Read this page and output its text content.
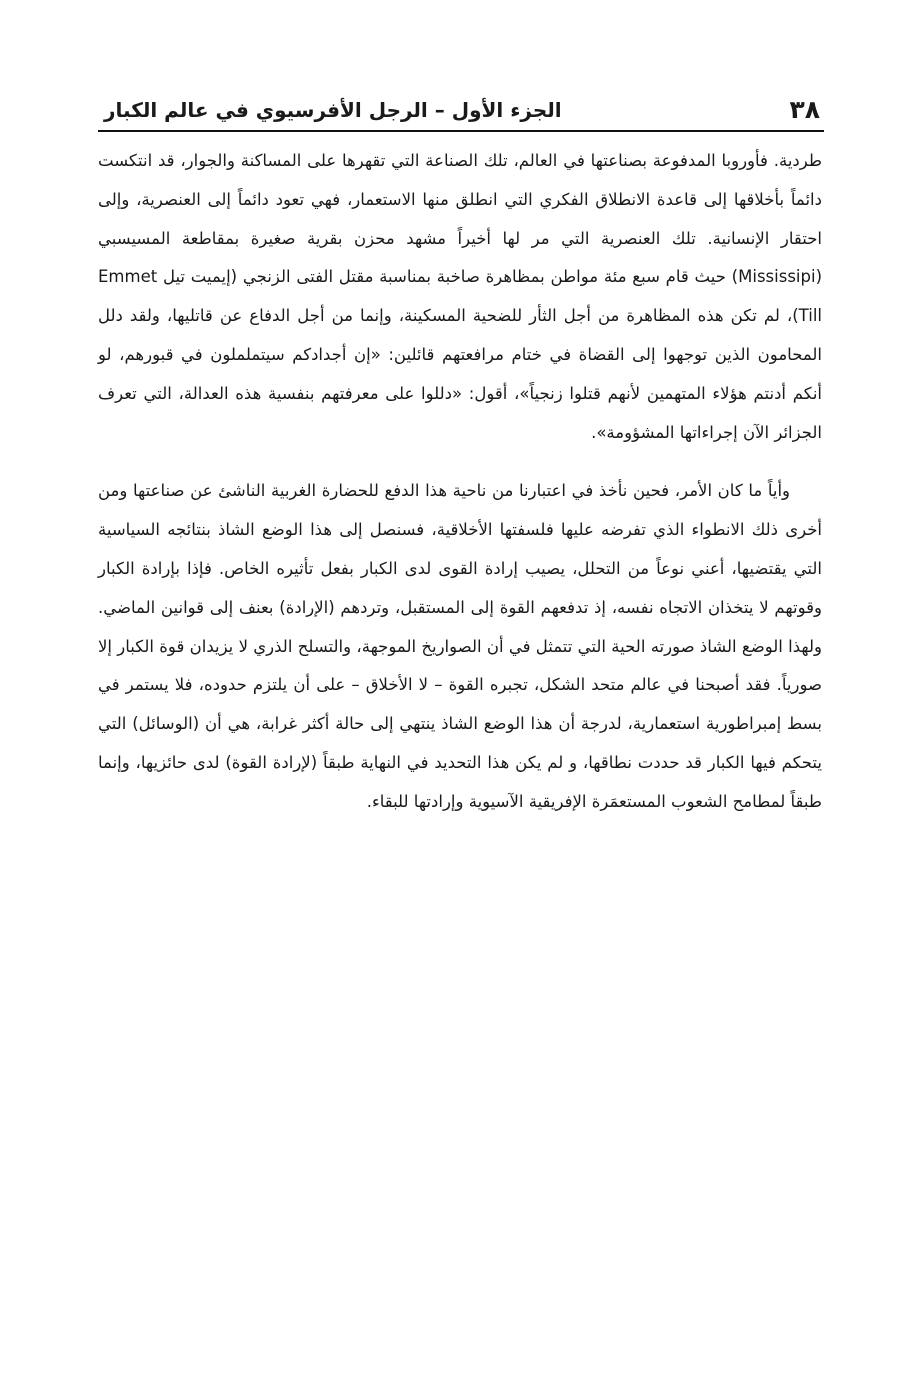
٣٨
الجزء الأول – الرجل الأفرسيوي في عالم الكبار

طردية. فأوروبا المدفوعة بصناعتها في العالم، تلك الصناعة التي تقهرها على المساكنة والجوار، قد انتكست دائماً بأخلاقها إلى قاعدة الانطلاق الفكري التي انطلق منها الاستعمار، فهي تعود دائماً إلى العنصرية، وإلى احتقار الإنسانية. تلك العنصرية التي مر لها أخيراً مشهد محزن بقرية صغيرة بمقاطعة المسيسبي (Mississipi) حيث قام سبع مئة مواطن بمظاهرة صاخبة بمناسبة مقتل الفتى الزنجي (إيميت تيل Emmet Till)، لم تكن هذه المظاهرة من أجل الثأر للضحية المسكينة، وإنما من أجل الدفاع عن قاتليها، ولقد دلل المحامون الذين توجهوا إلى القضاة في ختام مرافعتهم قائلين: «إن أجدادكم سيتململون في قبورهم، لو أنكم أدنتم هؤلاء المتهمين لأنهم قتلوا زنجياً»، أقول: «دللوا على معرفتهم بنفسية هذه العدالة، التي تعرف الجزائر الآن إجراءاتها المشؤومة».

وأياً ما كان الأمر، فحين نأخذ في اعتبارنا من ناحية هذا الدفع للحضارة الغربية الناشئ عن صناعتها ومن أخرى ذلك الانطواء الذي تفرضه عليها فلسفتها الأخلاقية، فسنصل إلى هذا الوضع الشاذ بنتائجه السياسية التي يقتضيها، أعني نوعاً من التحلل، يصيب إرادة القوى لدى الكبار بفعل تأثيره الخاص. فإذا بإرادة الكبار وقوتهم لا يتخذان الاتجاه نفسه، إذ تدفعهم القوة إلى المستقبل، وتردهم (الإرادة) بعنف إلى قوانين الماضي. ولهذا الوضع الشاذ صورته الحية التي تتمثل في أن الصواريخ الموجهة، والتسلح الذري لا يزيدان قوة الكبار إلا صورياً. فقد أصبحنا في عالم متحد الشكل، تجبره القوة – لا الأخلاق – على أن يلتزم حدوده، فلا يستمر في بسط إمبراطورية استعمارية، لدرجة أن هذا الوضع الشاذ ينتهي إلى حالة أكثر غرابة، هي أن (الوسائل) التي يتحكم فيها الكبار قد حددت نطاقها، و لم يكن هذا التحديد في النهاية طبقاً (لإرادة القوة) لدى حائزيها، وإنما طبقاً لمطامح الشعوب المستعمَرة الإفريقية الآسيوية وإرادتها للبقاء.
